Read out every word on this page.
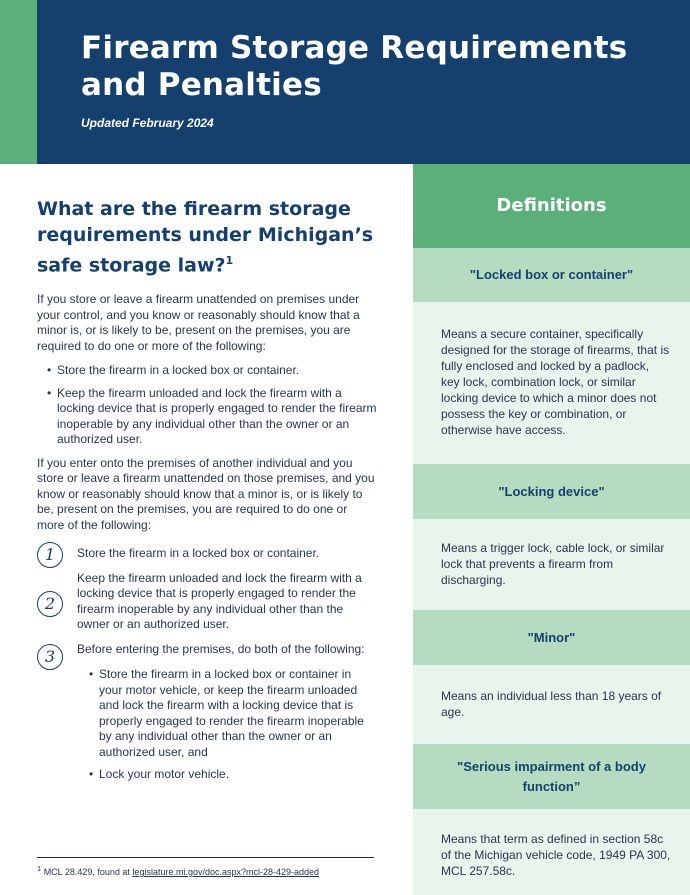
Firearm Storage Requirements and Penalties
Updated February 2024
What are the firearm storage requirements under Michigan’s safe storage law?$^1$

If you store or leave a firearm unattended on premises under your control, and you know or reasonably should know that a minor is, or is likely to be, present on the premises, you are required to do one or more of the following:

• Store the firearm in a locked box or container.
• Keep the firearm unloaded and lock the firearm with a locking device that is properly engaged to render the firearm inoperable by any individual other than the owner or an authorized user.

If you enter onto the premises of another individual and you store or leave a firearm unattended on those premises, and you know or reasonably should know that a minor is, or is likely to be, present on the premises, you are required to do one or more of the following:

1	Store the firearm in a locked box or container.
2
Keep the firearm unloaded and lock the firearm with a locking device that is properly engaged to render the firearm inoperable by any individual other than the owner or an authorized user.
3	Before entering the premises, do both of the following:
• Store the firearm in a locked box or container in your motor vehicle, or keep the firearm unloaded and lock the firearm with a locking device that is properly engaged to render the firearm inoperable by any individual other than the owner or an authorized user, and
• Lock your motor vehicle.
$^1$ MCL 28.429, found at legislature.mi.gov/doc.aspx?mcl-28-429-added
Definitions
"Locked box or container"
Means a secure container, specifically designed for the storage of firearms, that is fully enclosed and locked by a padlock, key lock, combination lock, or similar locking device to which a minor does not possess the key or combination, or otherwise have access.
"Locking device"
Means a trigger lock, cable lock, or similar lock that prevents a firearm from discharging.
"Minor"
Means an individual less than 18 years of age.
"Serious impairment of a body function”
Means that term as defined in section 58c of the Michigan vehicle code, 1949 PA 300, MCL 257.58c.
